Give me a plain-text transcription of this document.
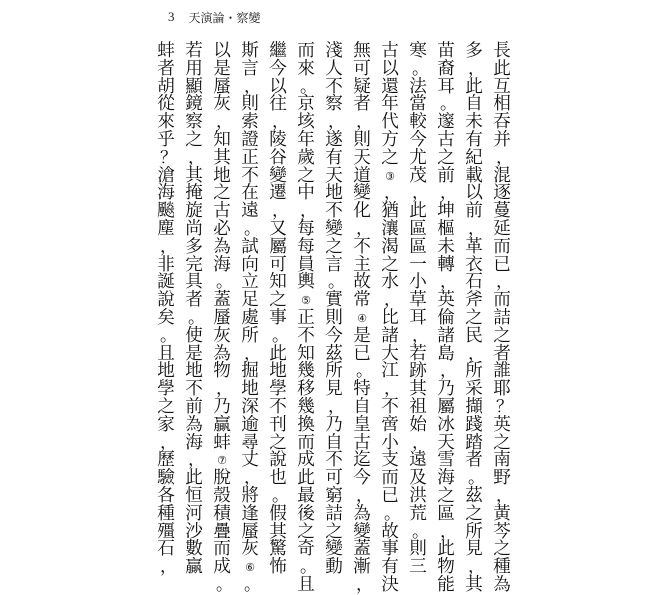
3 天演論・察變
長
此
互
相
吞
并
，
混
逐
蔓
延
而
已
，
而
詰
之
者
誰
耶
？
英
之
南
野
，
黃
芩
之
種
為
多
，
此
自
未
有
紀
載
以
前
，
革
衣
石
斧
之
民
，
所
采
擷
踐
踏
者
。
茲
之
所
見
，
其
苗
裔
耳
。
邃
古
之
前
，
坤
樞
未
轉
，
英
倫
諸
島
，
乃
屬
冰
天
雪
海
之
區
，
此
物
能
寒
。
法
當
較
今
尤
茂
，
此
區
區
一
小
草
耳
，
若
跡
其
祖
始
，
遠
及
洪
荒
。
則
三
古
以
還
年
代
方
之
③
，
猶
瀼
渴
之
水
，
比
諸
大
江
，
不
啻
小
支
而
已
。
故
事
有
決
無
可
疑
者
，
則
天
道
變
化
，
不
主
故
常
④
是
已
。
特
自
皇
古
迄
今
，
為
變
蓋
漸
，
淺
人
不
察
，
遂
有
天
地
不
變
之
言
。
實
則
今
茲
所
見
，
乃
自
不
可
窮
詰
之
變
動
而
來
。
京
垓
年
歲
之
中
，
每
每
員
輿
⑤
正
不
知
幾
移
幾
換
而
成
此
最
後
之
奇
。
且
繼
今
以
往
，
陵
谷
變
遷
，
又
屬
可
知
之
事
。
此
地
學
不
刊
之
說
也
。
假
其
驚
怖
斯
言
，
則
索
證
正
不
在
遠
。
試
向
立
足
處
所
，
掘
地
深
逾
尋
丈
，
將
逢
蜃
灰
⑥
。
以
是
蜃
灰
，
知
其
地
之
古
必
為
海
。
蓋
蜃
灰
為
物
，
乃
贏
蚌
⑦
脫
殼
積
疊
而
成
。
若
用
顯
鏡
察
之
，
其
掩
旋
尚
多
完
具
者
。
使
是
地
不
前
為
海
，
此
恒
河
沙
數
贏
蚌
者
胡
從
來
乎
？
滄
海
飈
塵
，
非
誕
說
矣
。
且
地
學
之
家
，
歷
驗
各
種
殭
石
，
